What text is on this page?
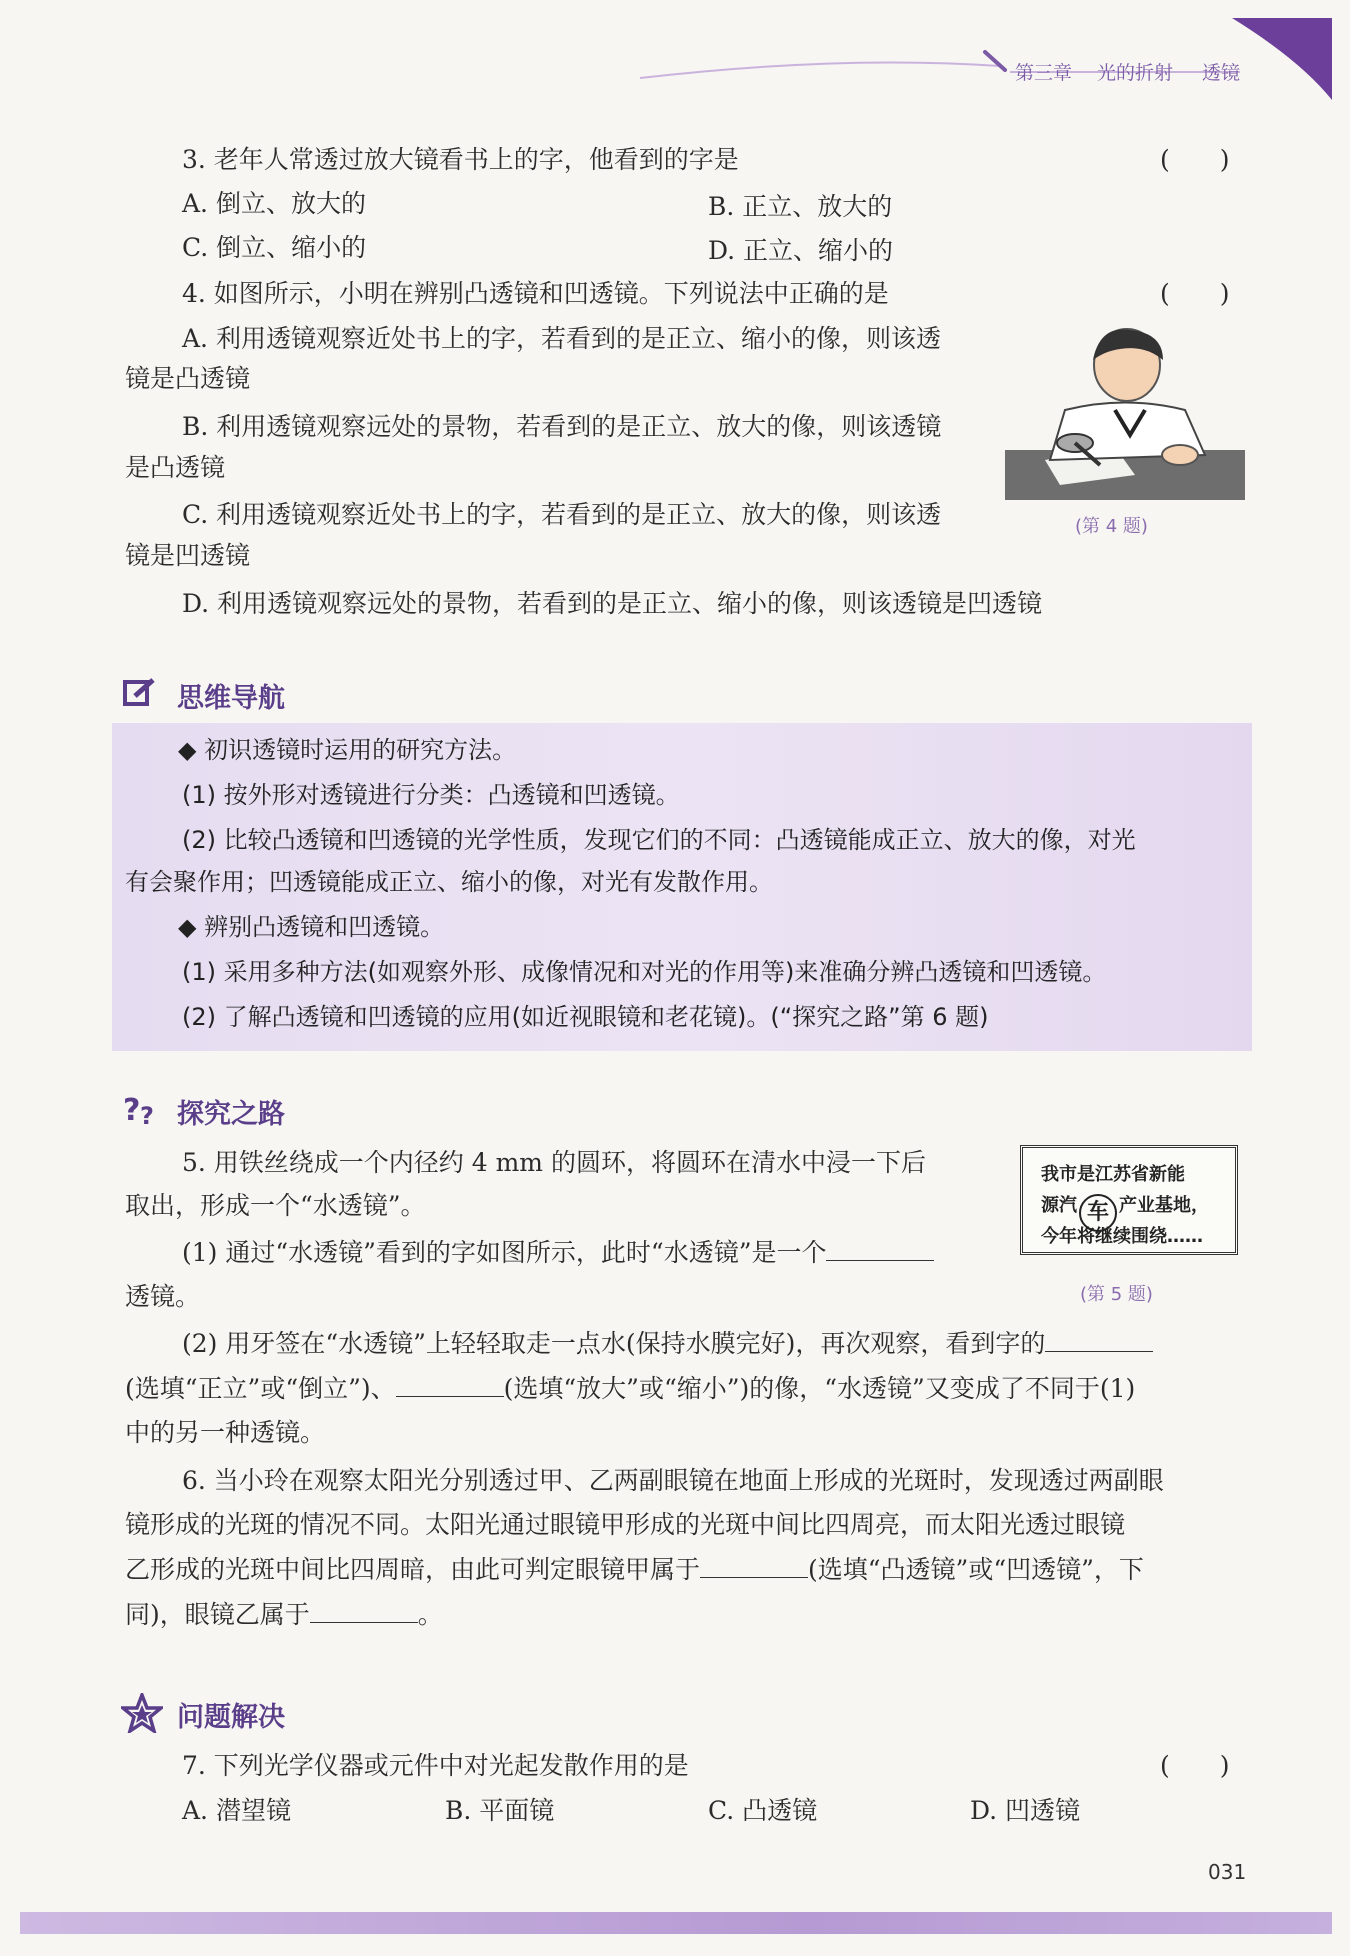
第三章 光的折射 透镜
3. 老年人常透过放大镜看书上的字，他看到的字是	(　　)
A. 倒立、放大的	B. 正立、放大的
C. 倒立、缩小的	D. 正立、缩小的
4. 如图所示，小明在辨别凸透镜和凹透镜。下列说法中正确的是	(　　)
A. 利用透镜观察近处书上的字，若看到的是正立、缩小的像，则该透
镜是凸透镜
B. 利用透镜观察远处的景物，若看到的是正立、放大的像，则该透镜
是凸透镜
C. 利用透镜观察近处书上的字，若看到的是正立、放大的像，则该透
镜是凹透镜
D. 利用透镜观察远处的景物，若看到的是正立、缩小的像，则该透镜是凹透镜
(第 4 题)
思维导航
◆ 初识透镜时运用的研究方法。
(1) 按外形对透镜进行分类：凸透镜和凹透镜。
(2) 比较凸透镜和凹透镜的光学性质，发现它们的不同：凸透镜能成正立、放大的像，对光
有会聚作用；凹透镜能成正立、缩小的像，对光有发散作用。
◆ 辨别凸透镜和凹透镜。
(1) 采用多种方法(如观察外形、成像情况和对光的作用等)来准确分辨凸透镜和凹透镜。
(2) 了解凸透镜和凹透镜的应用(如近视眼镜和老花镜)。(“探究之路”第 6 题)
? ? 探究之路
5. 用铁丝绕成一个内径约 4 mm 的圆环，将圆环在清水中浸一下后
取出，形成一个“水透镜”。
(1) 通过“水透镜”看到的字如图所示，此时“水透镜”是一个
透镜。
我市是江苏省新能
源汽 车 产业基地，
今年将继续围绕……
(第 5 题)
(2) 用牙签在“水透镜”上轻轻取走一点水(保持水膜完好)，再次观察，看到字的
(选填“正立”或“倒立”)、	(选填“放大”或“缩小”)的像，“水透镜”又变成了不同于(1)
中的另一种透镜。
6. 当小玲在观察太阳光分别透过甲、乙两副眼镜在地面上形成的光斑时，发现透过两副眼
镜形成的光斑的情况不同。太阳光通过眼镜甲形成的光斑中间比四周亮，而太阳光透过眼镜
乙形成的光斑中间比四周暗，由此可判定眼镜甲属于	(选填“凸透镜”或“凹透镜”，下
同)，眼镜乙属于	。
问题解决
7. 下列光学仪器或元件中对光起发散作用的是	(　　)
A. 潜望镜	B. 平面镜	C. 凸透镜	D. 凹透镜
031
